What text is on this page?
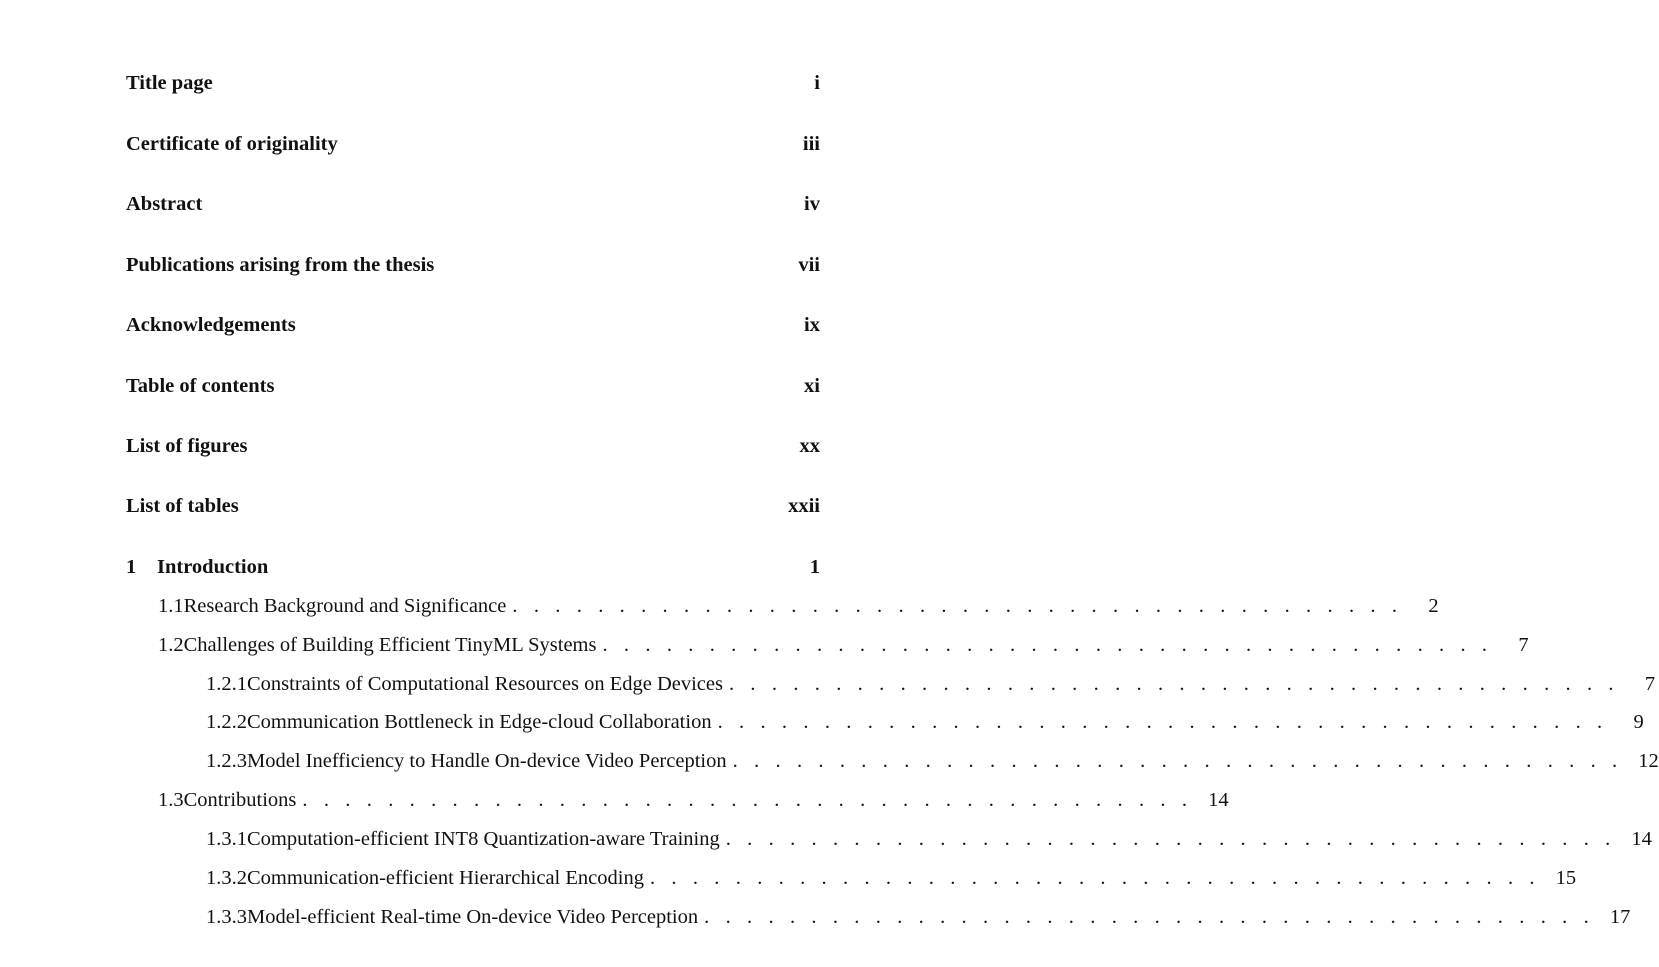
Title page	i
Certificate of originality	iii
Abstract	iv
Publications arising from the thesis	vii
Acknowledgements	ix
Table of contents	xi
List of figures	xx
List of tables	xxii
1	Introduction	1
1.1 Research Background and Significance . . . . . . . . . . . . . . . . . . . . . . . . . . . . . . . . . . . . . . . . . .	2
1.2 Challenges of Building Efficient TinyML Systems . . . . . . . . . . . . . . . . . . . . . . . . . . . . . . . . . . . . . . . . . .	7
1.2.1 Constraints of Computational Resources on Edge Devices . . . . . . . . . . . . . . . . . . . . . . . . . . . . . . . . . . . . . . . . . .	7
1.2.2 Communication Bottleneck in Edge-cloud Collaboration . . . . . . . . . . . . . . . . . . . . . . . . . . . . . . . . . . . . . . . . . .	9
1.2.3 Model Inefficiency to Handle On-device Video Perception . . . . . . . . . . . . . . . . . . . . . . . . . . . . . . . . . . . . . . . . . . 12
1.3 Contributions . . . . . . . . . . . . . . . . . . . . . . . . . . . . . . . . . . . . . . . . . . 14
1.3.1 Computation-efficient INT8 Quantization-aware Training . . . . . . . . . . . . . . . . . . . . . . . . . . . . . . . . . . . . . . . . . . 14
1.3.2 Communication-efficient Hierarchical Encoding . . . . . . . . . . . . . . . . . . . . . . . . . . . . . . . . . . . . . . . . . . 15
1.3.3 Model-efficient Real-time On-device Video Perception . . . . . . . . . . . . . . . . . . . . . . . . . . . . . . . . . . . . . . . . . . 17
